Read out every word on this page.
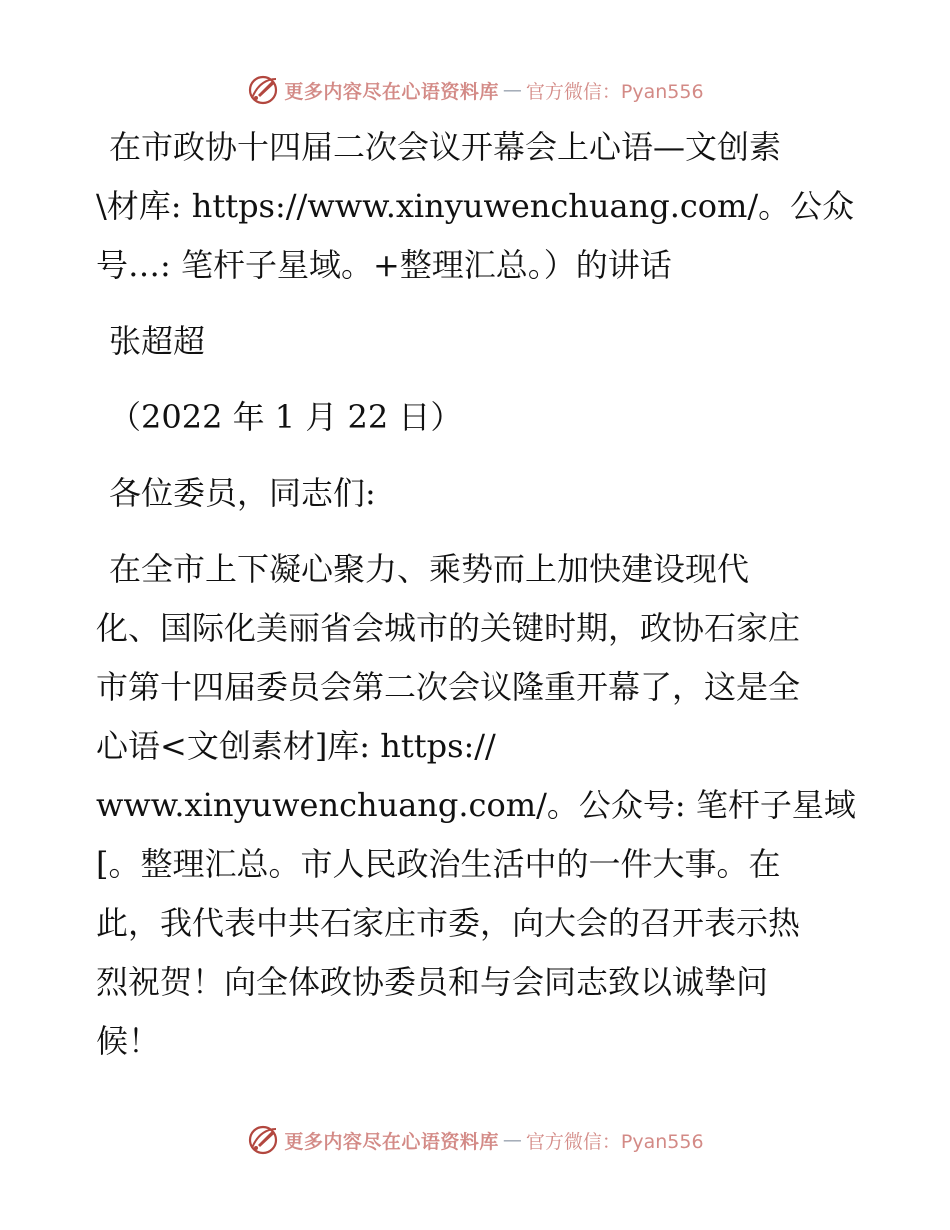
更多内容尽在心语资料库 — 官方微信：Pyan556
在市政协十四届二次会议开幕会上心语—文创素
\材库: https://www.xinyuwenchuang.com/。公众
号…: 笔杆子星域。+整理汇总。）的讲话
张超超
（2022 年 1 月 22 日）
各位委员，同志们:
在全市上下凝心聚力、乘势而上加快建设现代
化、国际化美丽省会城市的关键时期，政协石家庄
市第十四届委员会第二次会议隆重开幕了，这是全
心语<文创素材]库: https://
www.xinyuwenchuang.com/。公众号: 笔杆子星域
[。整理汇总。市人民政治生活中的一件大事。在
此，我代表中共石家庄市委，向大会的召开表示热
烈祝贺！向全体政协委员和与会同志致以诚挚问
候！
更多内容尽在心语资料库 — 官方微信：Pyan556
